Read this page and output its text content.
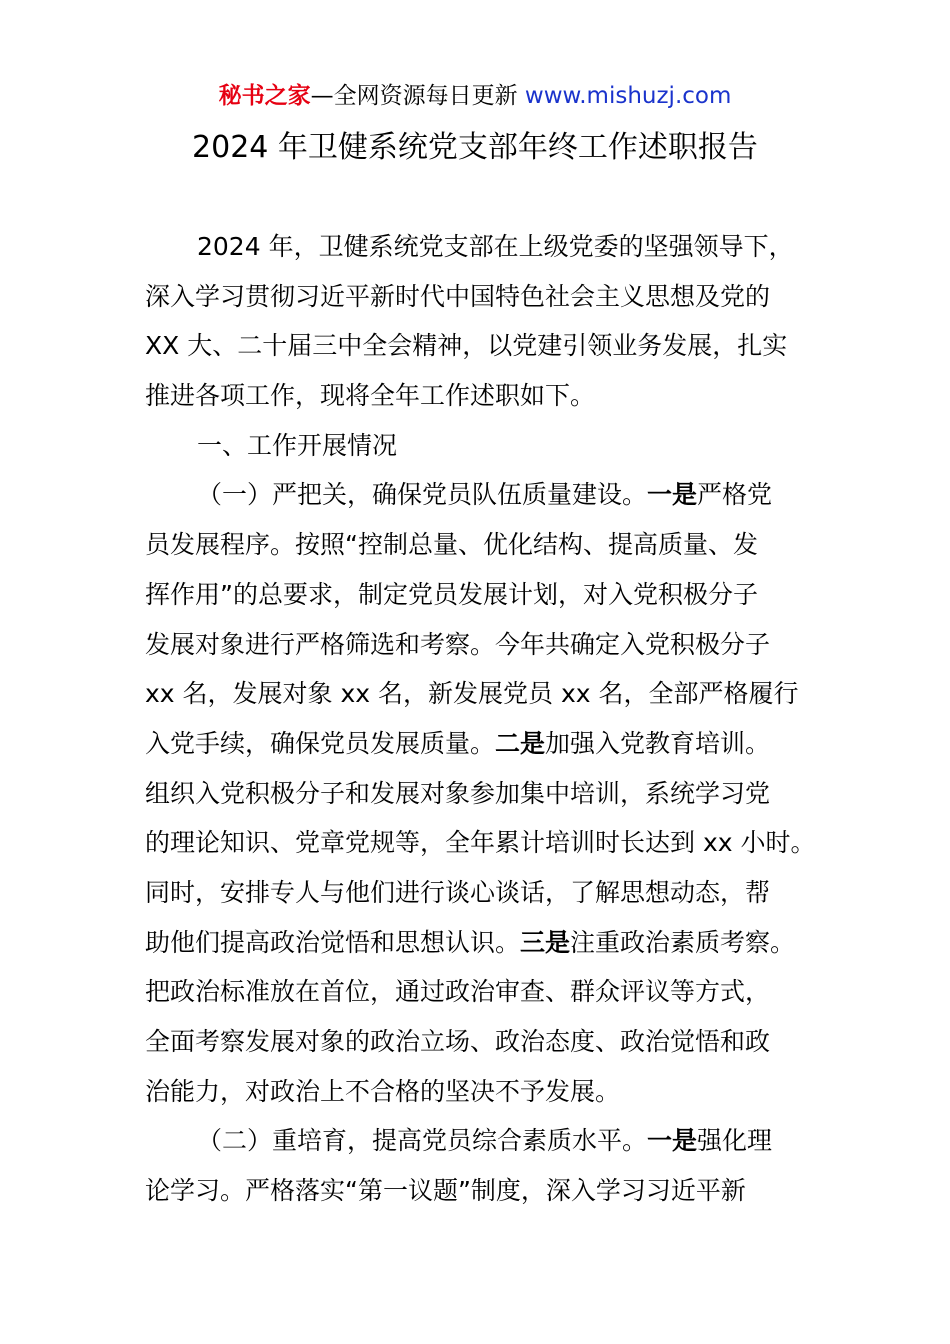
秘书之家—全网资源每日更新 www.mishuzj.com
2024 年卫健系统党支部年终工作述职报告
2024 年，卫健系统党支部在上级党委的坚强领导下，
深入学习贯彻习近平新时代中国特色社会主义思想及党的
XX 大、二十届三中全会精神，以党建引领业务发展，扎实
推进各项工作，现将全年工作述职如下。
一、工作开展情况
（一）严把关，确保党员队伍质量建设。一是严格党
员发展程序。按照“控制总量、优化结构、提高质量、发
挥作用”的总要求，制定党员发展计划，对入党积极分子
发展对象进行严格筛选和考察。今年共确定入党积极分子
xx 名，发展对象 xx 名，新发展党员 xx 名，全部严格履行
入党手续，确保党员发展质量。二是加强入党教育培训。
组织入党积极分子和发展对象参加集中培训，系统学习党
的理论知识、党章党规等，全年累计培训时长达到 xx 小时。
同时，安排专人与他们进行谈心谈话，了解思想动态，帮
助他们提高政治觉悟和思想认识。三是注重政治素质考察。
把政治标准放在首位，通过政治审查、群众评议等方式，
全面考察发展对象的政治立场、政治态度、政治觉悟和政
治能力，对政治上不合格的坚决不予发展。
（二）重培育，提高党员综合素质水平。一是强化理
论学习。严格落实“第一议题”制度，深入学习习近平新
